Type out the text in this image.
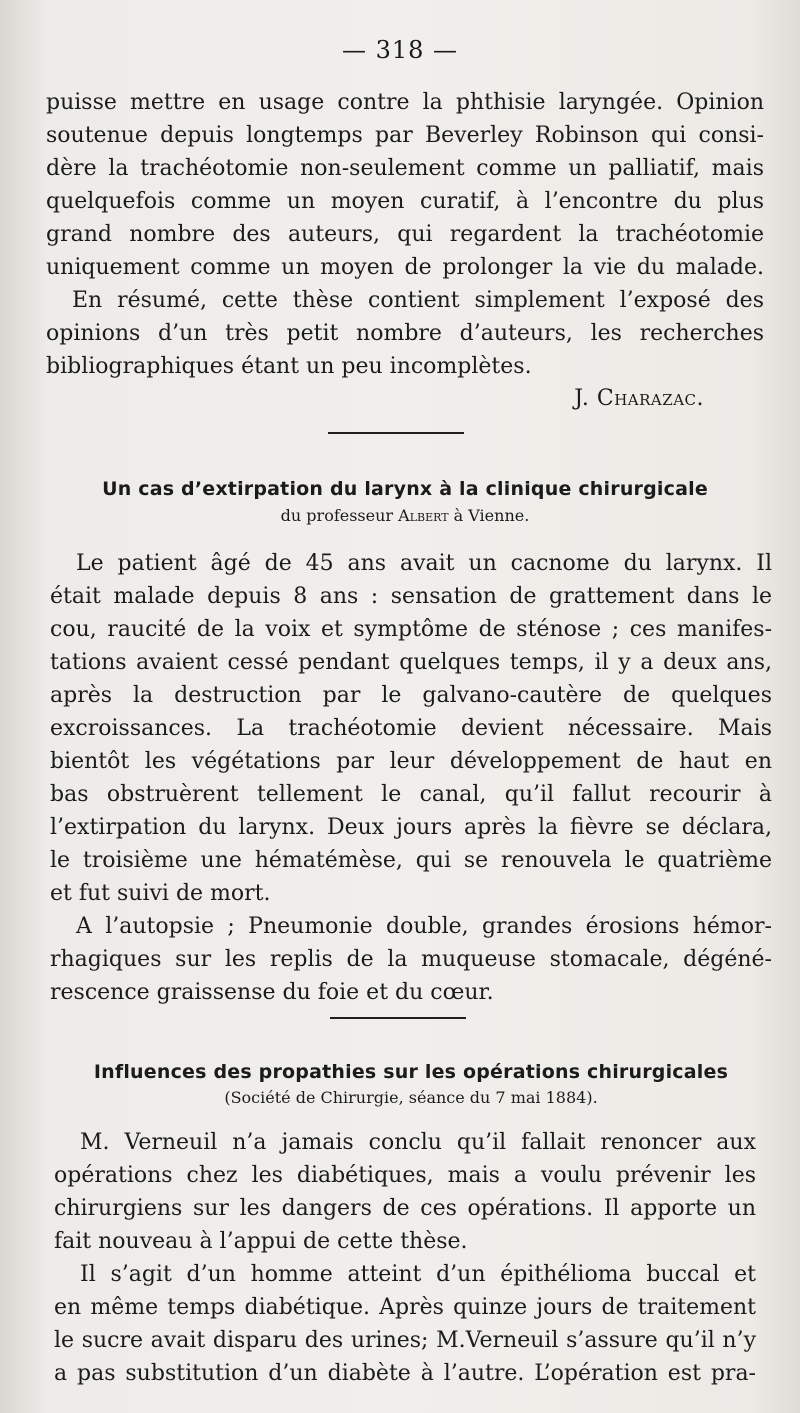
— 318 —
puisse mettre en usage contre la phthisie laryngée. Opinion
soutenue depuis longtemps par Beverley Robinson qui consi-
dère la trachéotomie non-seulement comme un palliatif, mais
quelquefois comme un moyen curatif, à l’encontre du plus
grand nombre des auteurs, qui regardent la trachéotomie
uniquement comme un moyen de prolonger la vie du malade.
En résumé, cette thèse contient simplement l’exposé des
opinions d’un très petit nombre d’auteurs, les recherches
bibliographiques étant un peu incomplètes.
J. Charazac.
Un cas d’extirpation du larynx à la clinique chirurgicale
du professeur Albert à Vienne.
Le patient âgé de 45 ans avait un cacnome du larynx. Il
était malade depuis 8 ans : sensation de grattement dans le
cou, raucité de la voix et symptôme de sténose ; ces manifes-
tations avaient cessé pendant quelques temps, il y a deux ans,
après la destruction par le galvano-cautère de quelques
excroissances. La trachéotomie devient nécessaire. Mais
bientôt les végétations par leur développement de haut en
bas obstruèrent tellement le canal, qu’il fallut recourir à
l’extirpation du larynx. Deux jours après la fièvre se déclara,
le troisième une hématémèse, qui se renouvela le quatrième
et fut suivi de mort.
A l’autopsie ; Pneumonie double, grandes érosions hémor-
rhagiques sur les replis de la muqueuse stomacale, dégéné-
rescence graissense du foie et du cœur.
Influences des propathies sur les opérations chirurgicales
(Société de Chirurgie, séance du 7 mai 1884).
M. Verneuil n’a jamais conclu qu’il fallait renoncer aux
opérations chez les diabétiques, mais a voulu prévenir les
chirurgiens sur les dangers de ces opérations. Il apporte un
fait nouveau à l’appui de cette thèse.
Il s’agit d’un homme atteint d’un épithélioma buccal et
en même temps diabétique. Après quinze jours de traitement
le sucre avait disparu des urines; M.Verneuil s’assure qu’il n’y
a pas substitution d’un diabète à l’autre. L’opération est pra-
